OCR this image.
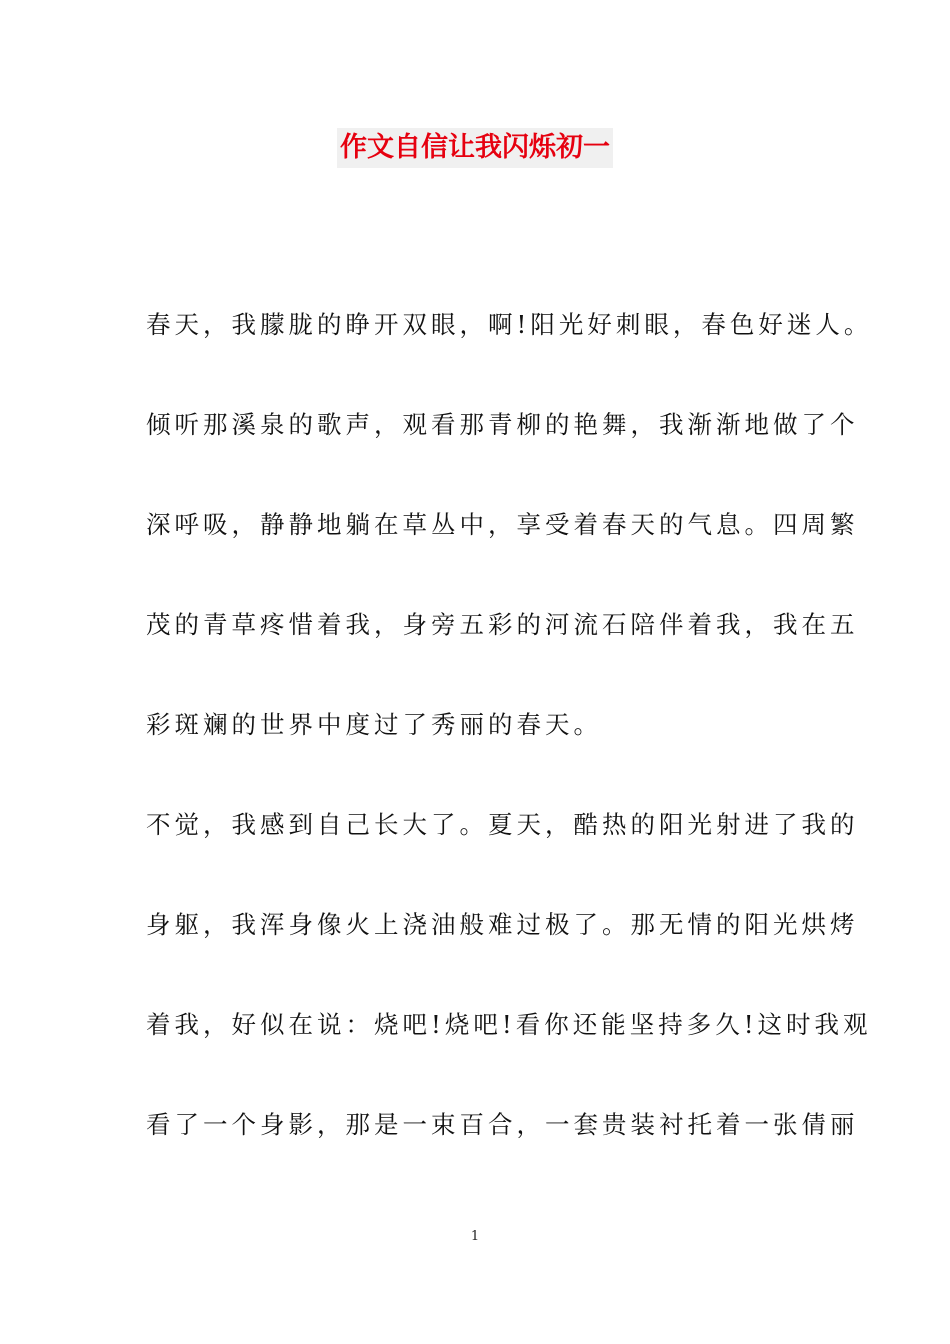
作文自信让我闪烁初一
春天，我朦胧的睁开双眼，啊!阳光好刺眼，春色好迷人。
倾听那溪泉的歌声，观看那青柳的艳舞，我渐渐地做了个
深呼吸，静静地躺在草丛中，享受着春天的气息。四周繁
茂的青草疼惜着我，身旁五彩的河流石陪伴着我，我在五
彩斑斓的世界中度过了秀丽的春天。
不觉，我感到自己长大了。夏天，酷热的阳光射进了我的
身躯，我浑身像火上浇油般难过极了。那无情的阳光烘烤
着我，好似在说：烧吧!烧吧!看你还能坚持多久!这时我观
看了一个身影，那是一束百合，一套贵装衬托着一张倩丽
1
